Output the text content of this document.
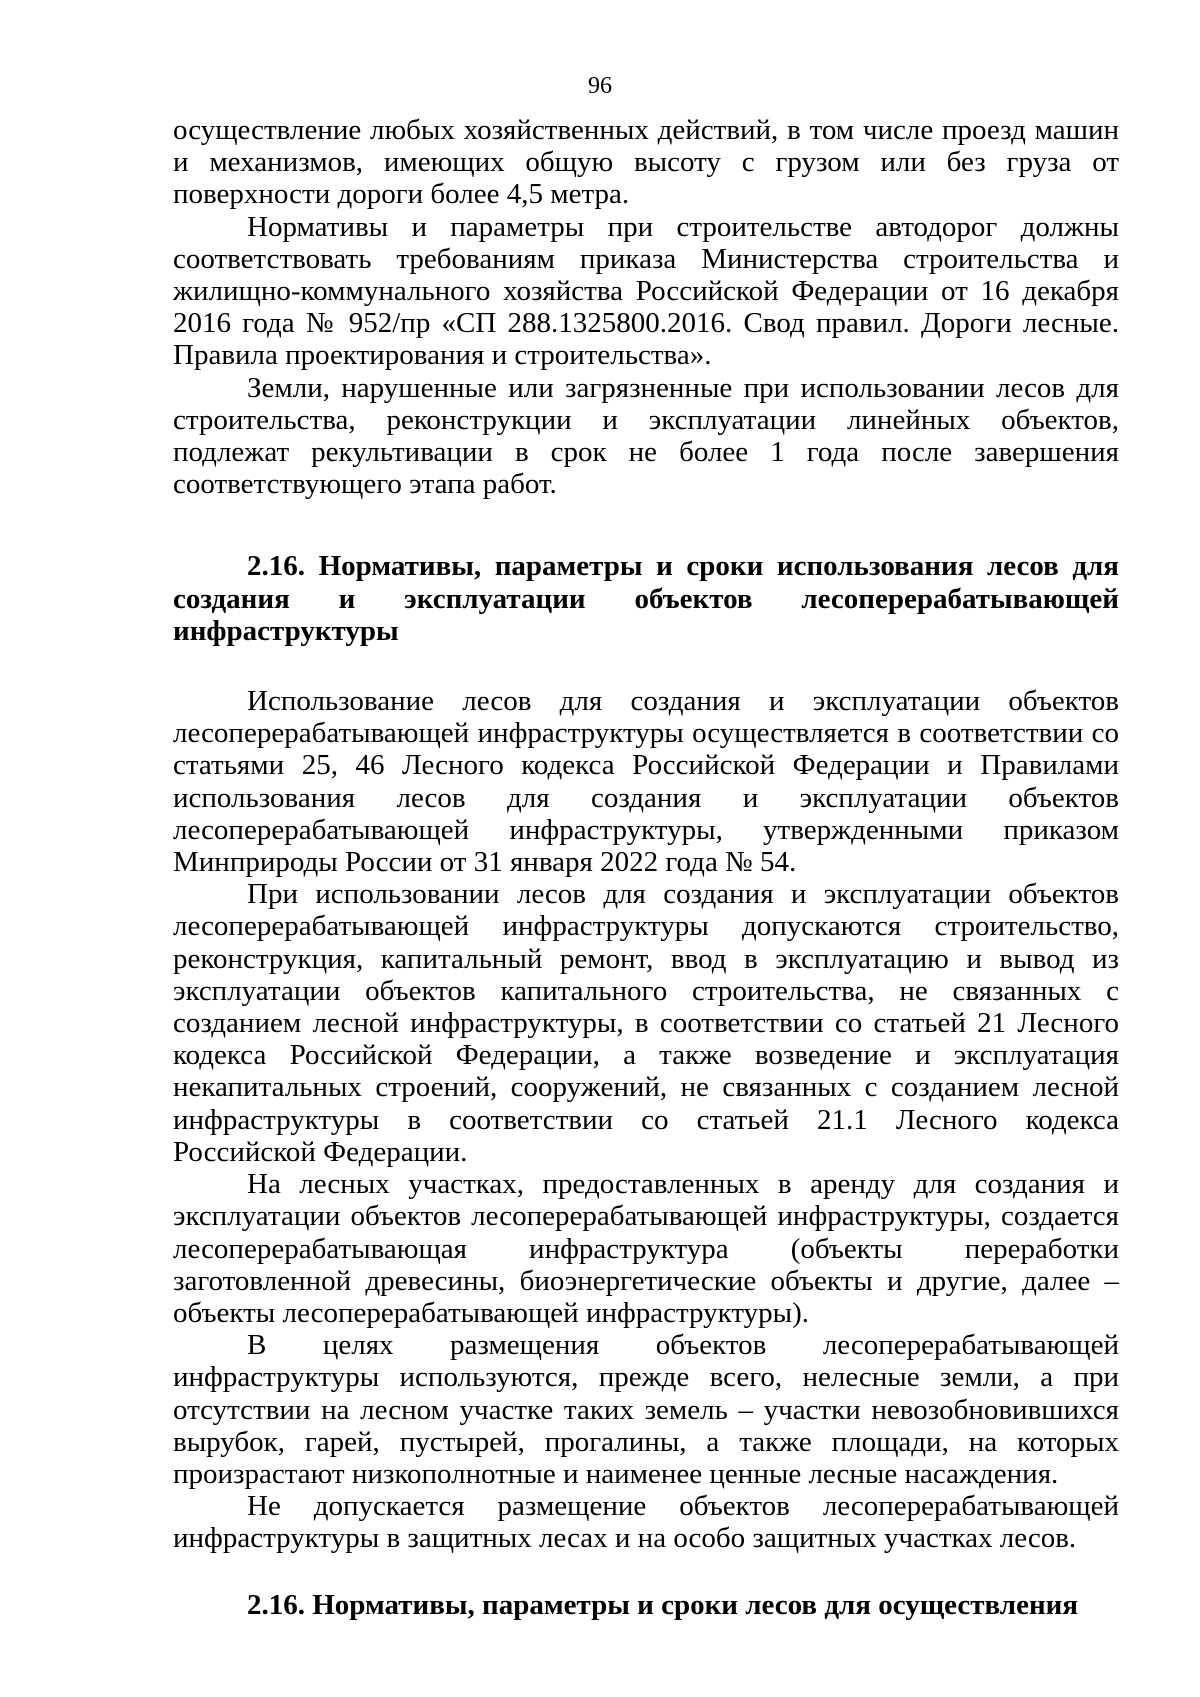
96

осуществление любых хозяйственных действий, в том числе проезд машин и механизмов, имеющих общую высоту с грузом или без груза от поверхности дороги более 4,5 метра.

Нормативы и параметры при строительстве автодорог должны соответствовать требованиям приказа Министерства строительства и жилищно-коммунального хозяйства Российской Федерации от 16 декабря 2016 года № 952/пр «СП 288.1325800.2016. Свод правил. Дороги лесные. Правила проектирования и строительства».

Земли, нарушенные или загрязненные при использовании лесов для строительства, реконструкции и эксплуатации линейных объектов, подлежат рекультивации в срок не более 1 года после завершения соответствующего этапа работ.

2.16. Нормативы, параметры и сроки использования лесов для создания и эксплуатации объектов лесоперерабатывающей инфраструктуры

Использование лесов для создания и эксплуатации объектов лесоперерабатывающей инфраструктуры осуществляется в соответствии со статьями 25, 46 Лесного кодекса Российской Федерации и Правилами использования лесов для создания и эксплуатации объектов лесоперерабатывающей инфраструктуры, утвержденными приказом Минприроды России от 31 января 2022 года № 54.

При использовании лесов для создания и эксплуатации объектов лесоперерабатывающей инфраструктуры допускаются строительство, реконструкция, капитальный ремонт, ввод в эксплуатацию и вывод из эксплуатации объектов капитального строительства, не связанных с созданием лесной инфраструктуры, в соответствии со статьей 21 Лесного кодекса Российской Федерации, а также возведение и эксплуатация некапитальных строений, сооружений, не связанных с созданием лесной инфраструктуры в соответствии со статьей 21.1 Лесного кодекса Российской Федерации.

На лесных участках, предоставленных в аренду для создания и эксплуатации объектов лесоперерабатывающей инфраструктуры, создается лесоперерабатывающая инфраструктура (объекты переработки заготовленной древесины, биоэнергетические объекты и другие, далее – объекты лесоперерабатывающей инфраструктуры).

В целях размещения объектов лесоперерабатывающей инфраструктуры используются, прежде всего, нелесные земли, а при отсутствии на лесном участке таких земель – участки невозобновившихся вырубок, гарей, пустырей, прогалины, а также площади, на которых произрастают низкополнотные и наименее ценные лесные насаждения.

Не допускается размещение объектов лесоперерабатывающей инфраструктуры в защитных лесах и на особо защитных участках лесов.

2.16. Нормативы, параметры и сроки лесов для осуществления
